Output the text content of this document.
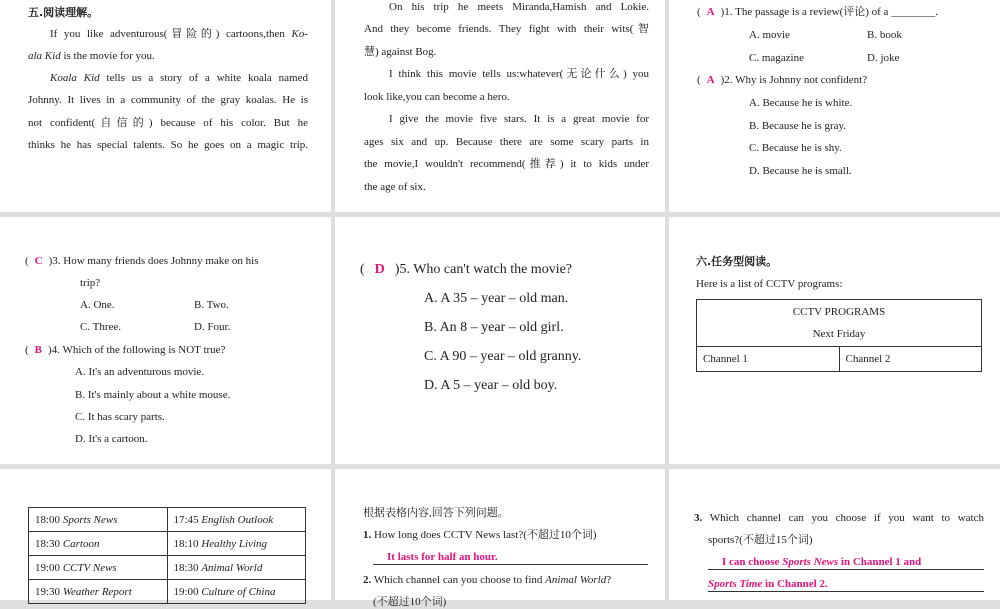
五.阅读理解。
If you like adventurous(冒险的) cartoons,then Ko-
ala Kid is the movie for you.
Koala Kid tells us a story of a white koala named
Johnny. It lives in a community of the gray koalas. He is
not confident(自信的) because of his color. But he
thinks he has special talents. So he goes on a magic trip.
On his trip he meets Miranda,Hamish and Lokie.
And they become friends. They fight with their wits(智
慧) against Bog.
I think this movie tells us:whatever(无论什么) you
look like,you can become a hero.
I give the movie five stars. It is a great movie for
ages six and up. Because there are some scary parts in
the movie,I wouldn't recommend(推荐) it to kids under
the age of six.
( A )1. The passage is a review(评论) of a ________.
A. movie	B. book
C. magazine	D. joke
( A )2. Why is Johnny not confident?
A. Because he is white.
B. Because he is gray.
C. Because he is shy.
D. Because he is small.
( C )3. How many friends does Johnny make on his
trip?
A. One.	B. Two.
C. Three.	D. Four.
( B )4. Which of the following is NOT true?
A. It's an adventurous movie.
B. It's mainly about a white mouse.
C. It has scary parts.
D. It's a cartoon.
( D )5. Who can't watch the movie?
A. A 35 – year – old man.
B. An 8 – year – old girl.
C. A 90 – year – old granny.
D. A 5 – year – old boy.
六.任务型阅读。
Here is a list of CCTV programs:
CCTV PROGRAMS
Next Friday

Channel 1	Channel 2
18:00 Sports News	17:45 English Outlook
18:30 Cartoon	18:10 Healthy Living
19:00 CCTV News	18:30 Animal World
19:30 Weather Report	19:00 Culture of China
根据表格内容,回答下列问题。
1. How long does CCTV News last?(不超过10个词)
It lasts for half an hour.
2. Which channel can you choose to find Animal World?
(不超过10个词)
3. Which channel can you choose if you want to watch
sports?(不超过15个词)
I can choose Sports News in Channel 1 and
Sports Time in Channel 2.
